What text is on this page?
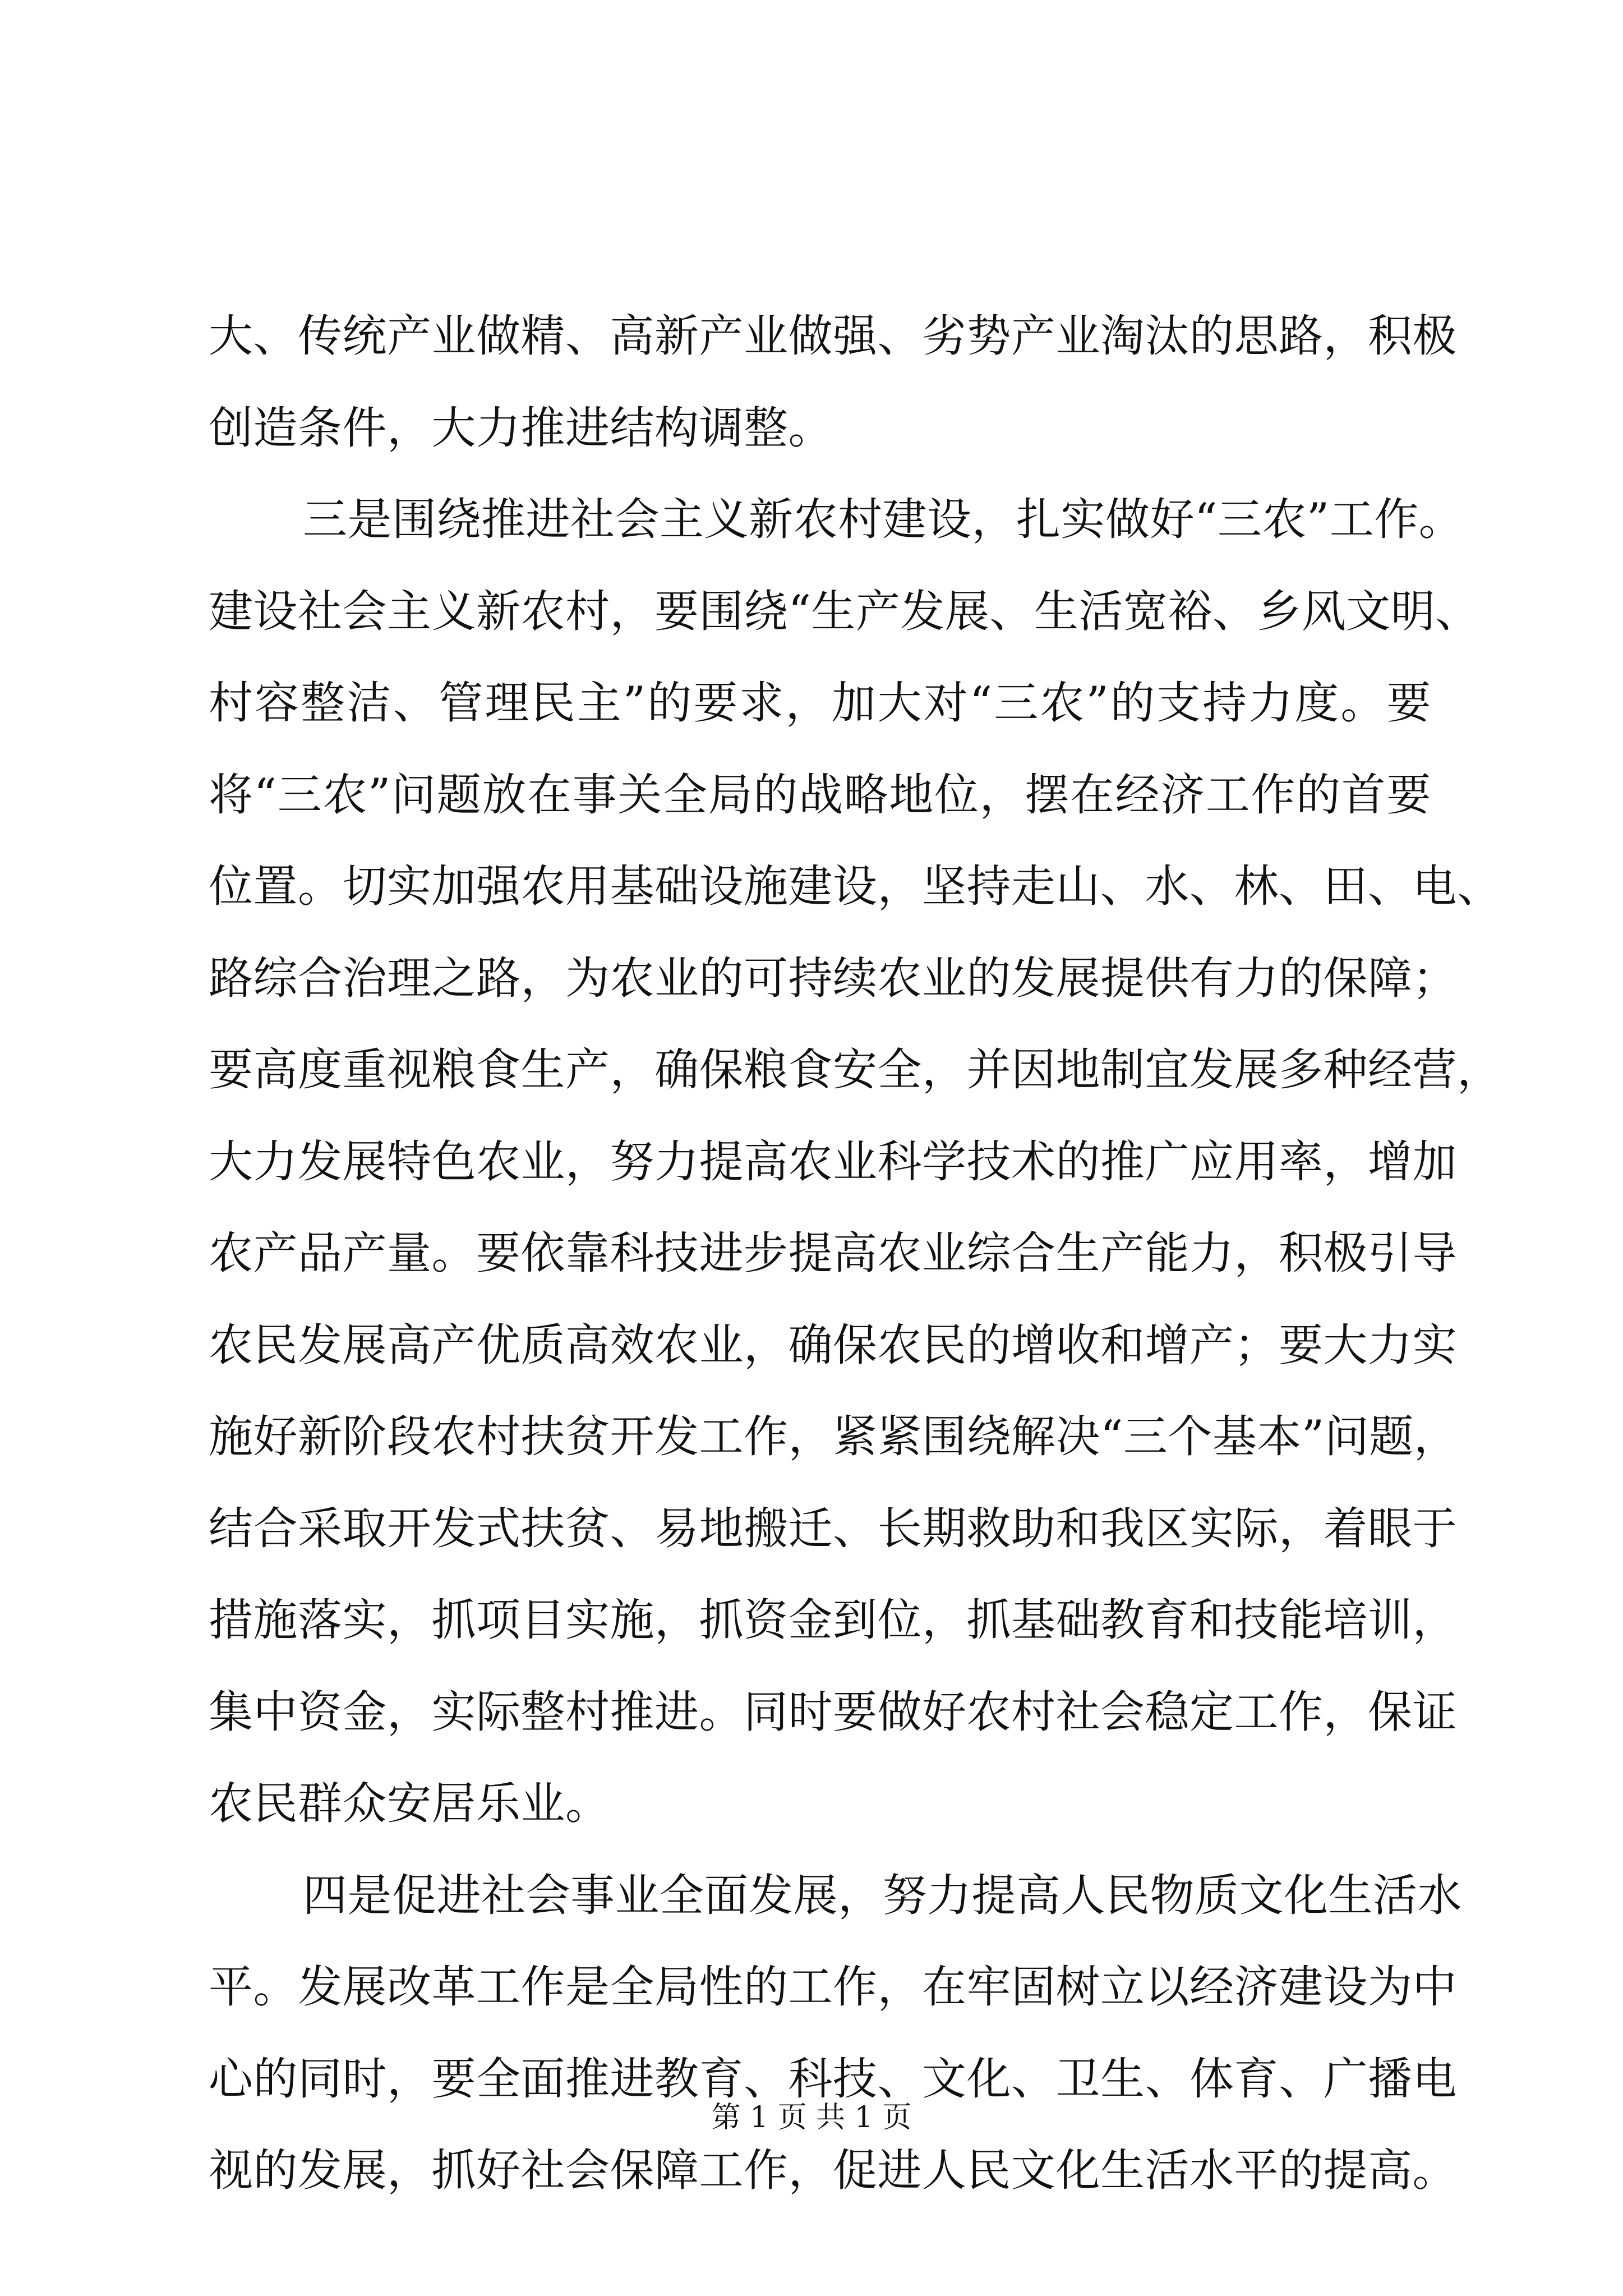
大、传统产业做精、高新产业做强、劣势产业淘汰的思路，积极
创造条件，大力推进结构调整。
三是围绕推进社会主义新农村建设，扎实做好“三农”工作。
建设社会主义新农村，要围绕“生产发展、生活宽裕、乡风文明、
村容整洁、管理民主”的要求，加大对“三农”的支持力度。要
将“三农”问题放在事关全局的战略地位，摆在经济工作的首要
位置。切实加强农用基础设施建设，坚持走山、水、林、田、电、
路综合治理之路，为农业的可持续农业的发展提供有力的保障；
要高度重视粮食生产，确保粮食安全，并因地制宜发展多种经营，
大力发展特色农业，努力提高农业科学技术的推广应用率，增加
农产品产量。要依靠科技进步提高农业综合生产能力，积极引导
农民发展高产优质高效农业，确保农民的增收和增产；要大力实
施好新阶段农村扶贫开发工作，紧紧围绕解决“三个基本”问题，
结合采取开发式扶贫、易地搬迁、长期救助和我区实际，着眼于
措施落实，抓项目实施，抓资金到位，抓基础教育和技能培训，
集中资金，实际整村推进。同时要做好农村社会稳定工作，保证
农民群众安居乐业。
四是促进社会事业全面发展，努力提高人民物质文化生活水
平。发展改革工作是全局性的工作，在牢固树立以经济建设为中
心的同时，要全面推进教育、科技、文化、卫生、体育、广播电
视的发展，抓好社会保障工作，促进人民文化生活水平的提高。
第 1 页 共 1 页
